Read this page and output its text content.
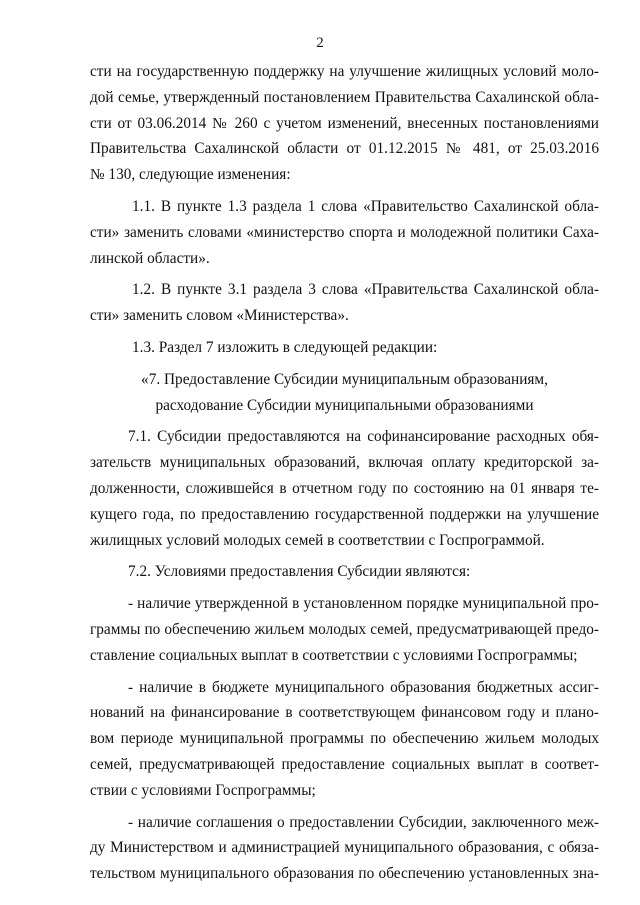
2
сти на государственную поддержку на улучшение жилищных условий моло-
дой семье, утвержденный постановлением Правительства Сахалинской обла-
сти от 03.06.2014 № 260 с учетом изменений, внесенных постановлениями
Правительства Сахалинской области от 01.12.2015 № 481, от 25.03.2016
№ 130, следующие изменения:
1.1. В пункте 1.3 раздела 1 слова «Правительство Сахалинской обла-
сти» заменить словами «министерство спорта и молодежной политики Саха-
линской области».
1.2. В пункте 3.1 раздела 3 слова «Правительства Сахалинской обла-
сти» заменить словом «Министерства».
1.3. Раздел 7 изложить в следующей редакции:
«7. Предоставление Субсидии муниципальным образованиям,
расходование Субсидии муниципальными образованиями
7.1. Субсидии предоставляются на софинансирование расходных обя-
зательств муниципальных образований, включая оплату кредиторской за-
долженности, сложившейся в отчетном году по состоянию на 01 января те-
кущего года, по предоставлению государственной поддержки на улучшение
жилищных условий молодых семей в соответствии с Госпрограммой.
7.2. Условиями предоставления Субсидии являются:
- наличие утвержденной в установленном порядке муниципальной про-
граммы по обеспечению жильем молодых семей, предусматривающей предо-
ставление социальных выплат в соответствии с условиями Госпрограммы;
- наличие в бюджете муниципального образования бюджетных ассиг-
нований на финансирование в соответствующем финансовом году и плано-
вом периоде муниципальной программы по обеспечению жильем молодых
семей, предусматривающей предоставление социальных выплат в соответ-
ствии с условиями Госпрограммы;
- наличие соглашения о предоставлении Субсидии, заключенного меж-
ду Министерством и администрацией муниципального образования, с обяза-
тельством муниципального образования по обеспечению установленных зна-
